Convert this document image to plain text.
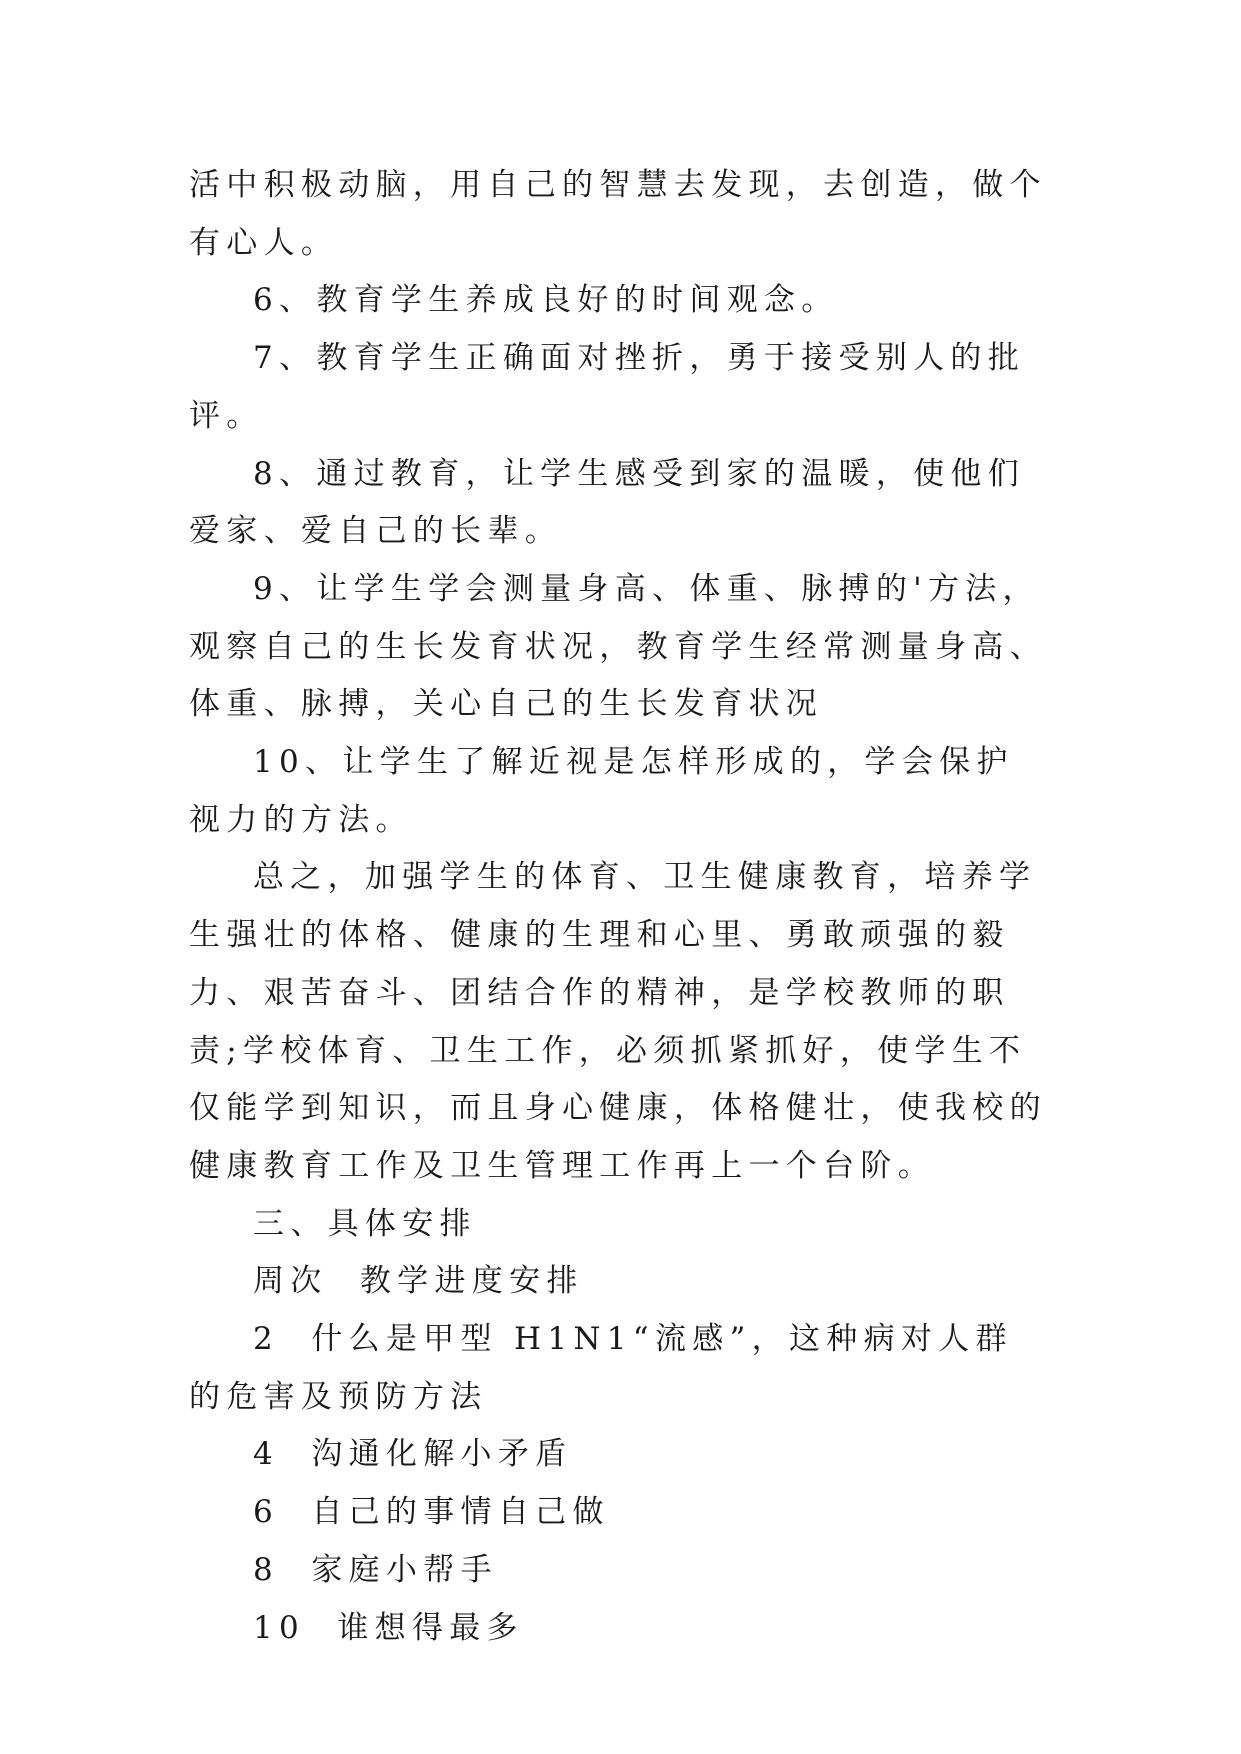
活中积极动脑，用自己的智慧去发现，去创造，做个有心人。

6、教育学生养成良好的时间观念。

7、教育学生正确面对挫折，勇于接受别人的批评。

8、通过教育，让学生感受到家的温暖，使他们爱家、爱自己的长辈。

9、让学生学会测量身高、体重、脉搏的'方法，观察自己的生长发育状况，教育学生经常测量身高、体重、脉搏，关心自己的生长发育状况

10、让学生了解近视是怎样形成的，学会保护视力的方法。

总之，加强学生的体育、卫生健康教育，培养学生强壮的体格、健康的生理和心里、勇敢顽强的毅力、艰苦奋斗、团结合作的精神，是学校教师的职责;学校体育、卫生工作，必须抓紧抓好，使学生不仅能学到知识，而且身心健康，体格健壮，使我校的健康教育工作及卫生管理工作再上一个台阶。

三、具体安排

周次  教学进度安排

2  什么是甲型 H1N1“流感”，这种病对人群的危害及预防方法

4  沟通化解小矛盾

6  自己的事情自己做

8  家庭小帮手

10  谁想得最多
